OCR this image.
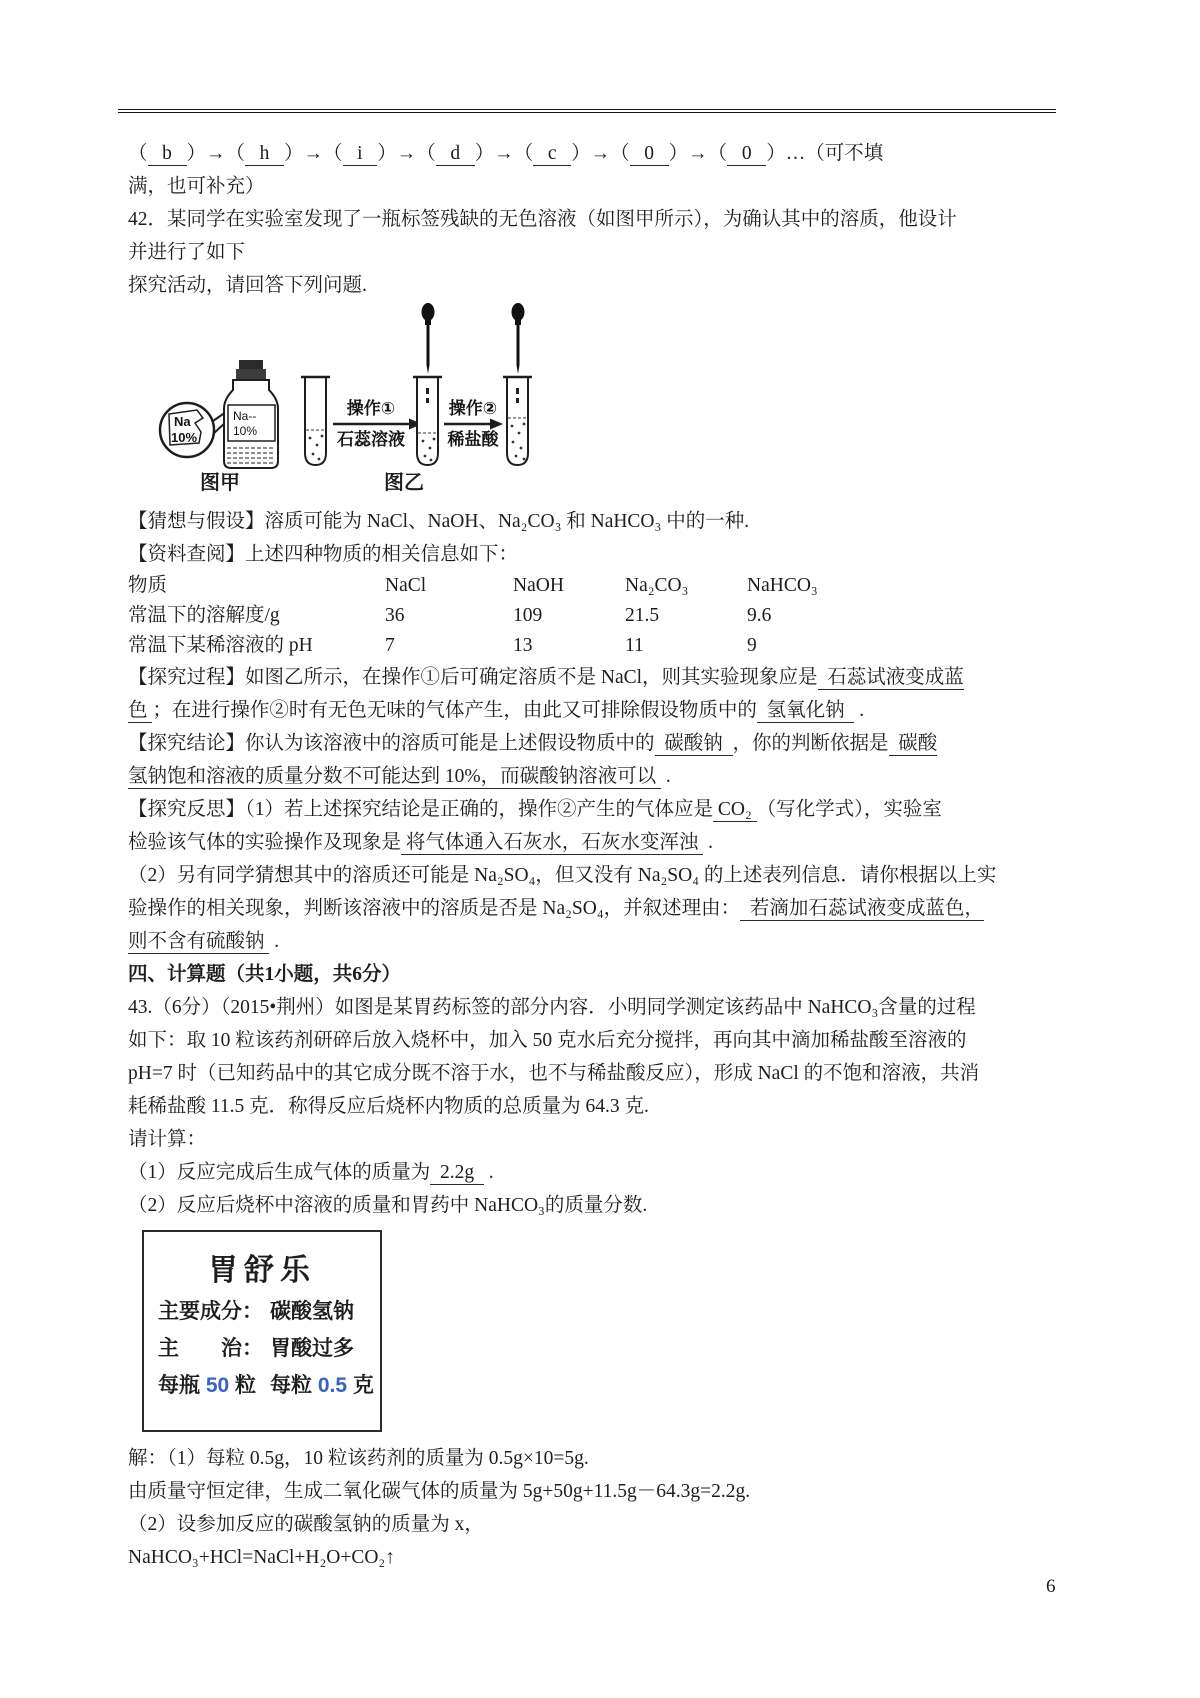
（   b   ）→（   h   ）→（   i   ）→（   d   ）→（   c   ）→（   0   ）→（   0   ）…（可不填

满，也可补充）

42．某同学在实验室发现了一瓶标签残缺的无色溶液（如图甲所示），为确认其中的溶质，他设计

并进行了如下

探究活动，请回答下列问题.

Na
10%
Na--
10%
操作①
石蕊溶液
操作②
稀盐酸
图甲	图乙

【猜想与假设】溶质可能为 NaCl、NaOH、Na₂CO₃ 和 NaHCO₃ 中的一种.

【资料查阅】上述四种物质的相关信息如下：

物质	NaCl	NaOH	Na₂CO₃	NaHCO₃
常温下的溶解度/g	36	109	21.5	9.6
常温下某稀溶液的 pH	7	13	11	9

【探究过程】如图乙所示，在操作①后可确定溶质不是 NaCl，则其实验现象应是  石蕊试液变成蓝

色 ；在进行操作②时有无色无味的气体产生，由此又可排除假设物质中的  氢氧化钠   .

【探究结论】你认为该溶液中的溶质可能是上述假设物质中的  碳酸钠  ，你的判断依据是  碳酸

氢钠饱和溶液的质量分数不可能达到 10%，而碳酸钠溶液可以  .

【探究反思】（1）若上述探究结论是正确的，操作②产生的气体应是 CO₂ （写化学式），实验室

检验该气体的实验操作及现象是 将气体通入石灰水，石灰水变浑浊  .

（2）另有同学猜想其中的溶质还可能是 Na₂SO₄，但又没有 Na₂SO₄ 的上述表列信息．请你根据以上实

验操作的相关现象，判断该溶液中的溶质是否是 Na₂SO₄，并叙述理由：  若滴加石蕊试液变成蓝色，

则不含有硫酸钠  .

四、计算题（共1小题，共6分）

43.（6分）（2015•荆州）如图是某胃药标签的部分内容．小明同学测定该药品中 NaHCO₃含量的过程

如下：取 10 粒该药剂研碎后放入烧杯中，加入 50 克水后充分搅拌，再向其中滴加稀盐酸至溶液的

pH=7 时（已知药品中的其它成分既不溶于水，也不与稀盐酸反应），形成 NaCl 的不饱和溶液，共消

耗稀盐酸 11.5 克．称得反应后烧杯内物质的总质量为 64.3 克.

请计算：

（1）反应完成后生成气体的质量为  2.2g   .

（2）反应后烧杯中溶液的质量和胃药中 NaHCO₃的质量分数.

胃舒乐
主要成分： 碳酸氢钠
主　　治： 胃酸过多
每瓶 50 粒 每粒 0.5 克

解：（1）每粒 0.5g，10 粒该药剂的质量为 0.5g×10=5g.

由质量守恒定律，生成二氧化碳气体的质量为 5g+50g+11.5g－64.3g=2.2g.

（2）设参加反应的碳酸氢钠的质量为 x，

NaHCO₃+HCl=NaCl+H₂O+CO₂↑

6
